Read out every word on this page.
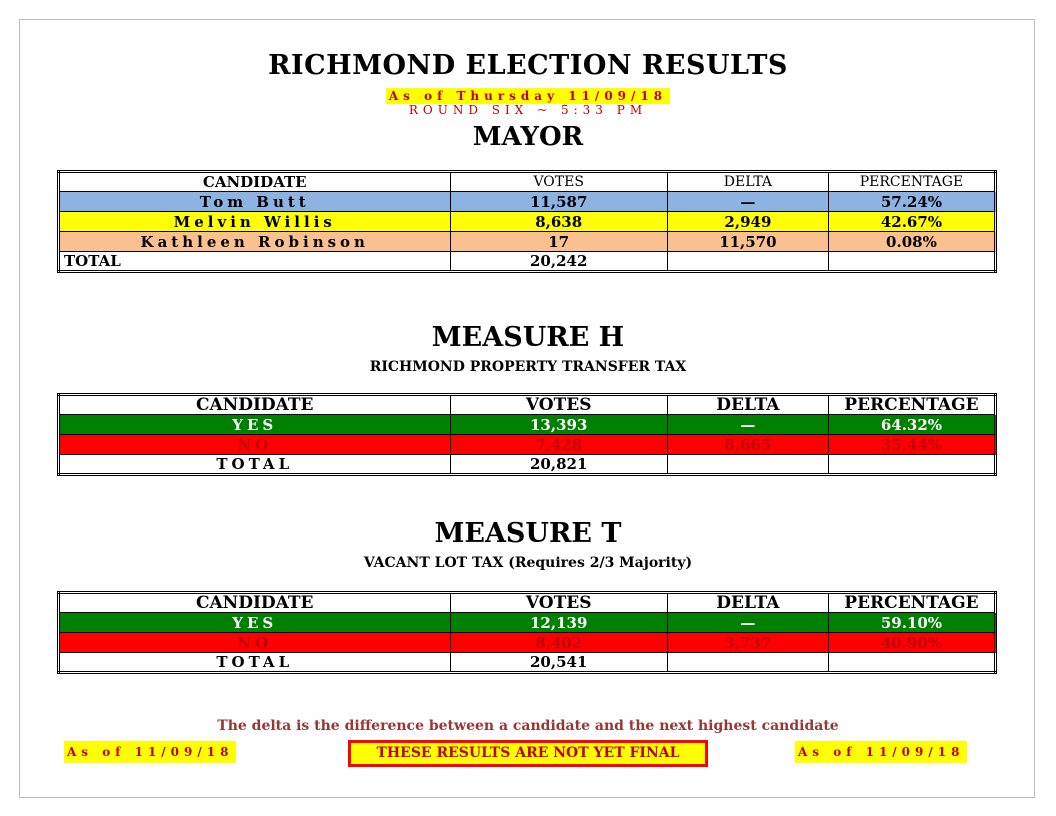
RICHMOND ELECTION RESULTS
As of Thursday 11/09/18
ROUND SIX ~ 5:33 PM
MAYOR
CANDIDATE	VOTES	DELTA	PERCENTAGE
Tom Butt	11,587	—	57.24%
Melvin Willis	8,638	2,949	42.67%
Kathleen Robinson	17	11,570	0.08%
TOTAL	20,242		
MEASURE H
RICHMOND PROPERTY TRANSFER TAX
CANDIDATE	VOTES	DELTA	PERCENTAGE
YES	13,393	—	64.32%
NO	7,428	8,665	35.44%
TOTAL	20,821		
MEASURE T
VACANT LOT TAX (Requires 2/3 Majority)
CANDIDATE	VOTES	DELTA	PERCENTAGE
YES	12,139	—	59.10%
NO	8,402	3,737	40.90%
TOTAL	20,541		
The delta is the difference between a candidate and the next highest candidate
As of 11/09/18	THESE RESULTS ARE NOT YET FINAL	As of 11/09/18
